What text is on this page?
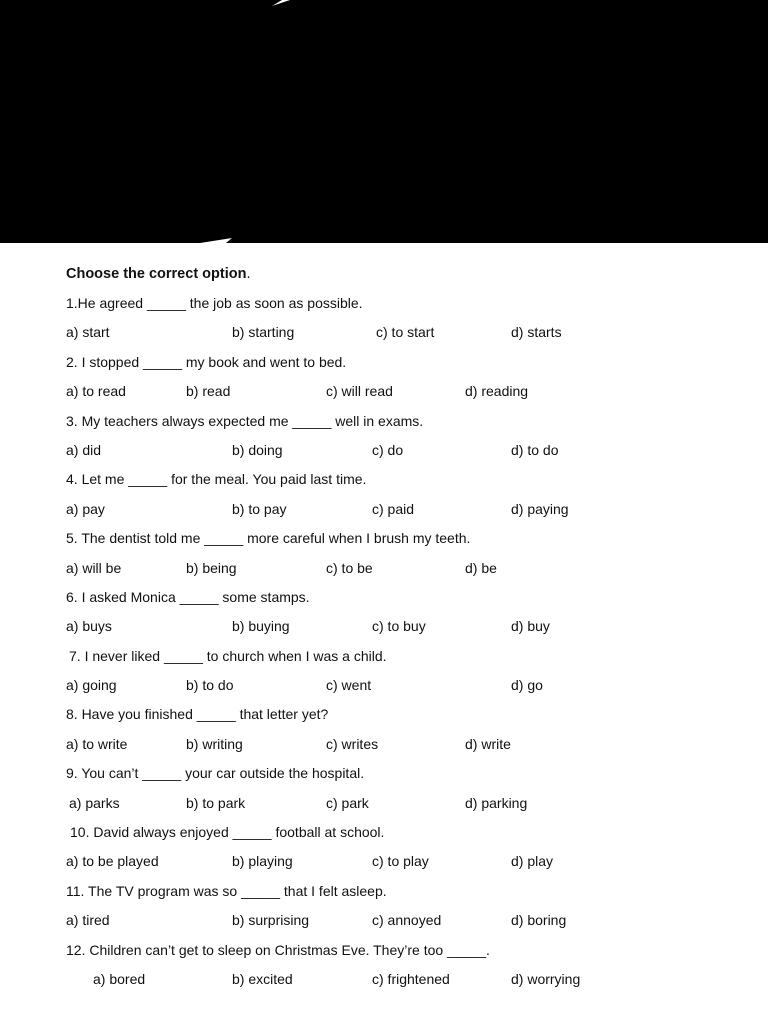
Choose the correct option.
1.He agreed _____ the job as soon as possible.
a) start	b) starting	c) to start	d) starts
2. I stopped _____ my book and went to bed.
a) to read	b) read	c) will read	d) reading
3. My teachers always expected me _____ well in exams.
a) did	b) doing	c) do	d) to do
4. Let me _____ for the meal. You paid last time.
a) pay	b) to pay	c) paid	d) paying
5. The dentist told me _____ more careful when I brush my teeth.
a) will be	b) being	c) to be	d) be
6. I asked Monica _____ some stamps.
a) buys	b) buying	c) to buy	d) buy
7. I never liked _____ to church when I was a child.
a) going	b) to do	c) went	d) go
8. Have you finished _____ that letter yet?
a) to write	b) writing	c) writes	d) write
9. You can’t _____ your car outside the hospital.
a) parks	b) to park	c) park	d) parking
10. David always enjoyed _____ football at school.
a) to be played	b) playing	c) to play	d) play
11. The TV program was so _____ that I felt asleep.
a) tired	b) surprising	c) annoyed	d) boring
12. Children can’t get to sleep on Christmas Eve. They’re too _____.
a) bored	b) excited	c) frightened	d) worrying
